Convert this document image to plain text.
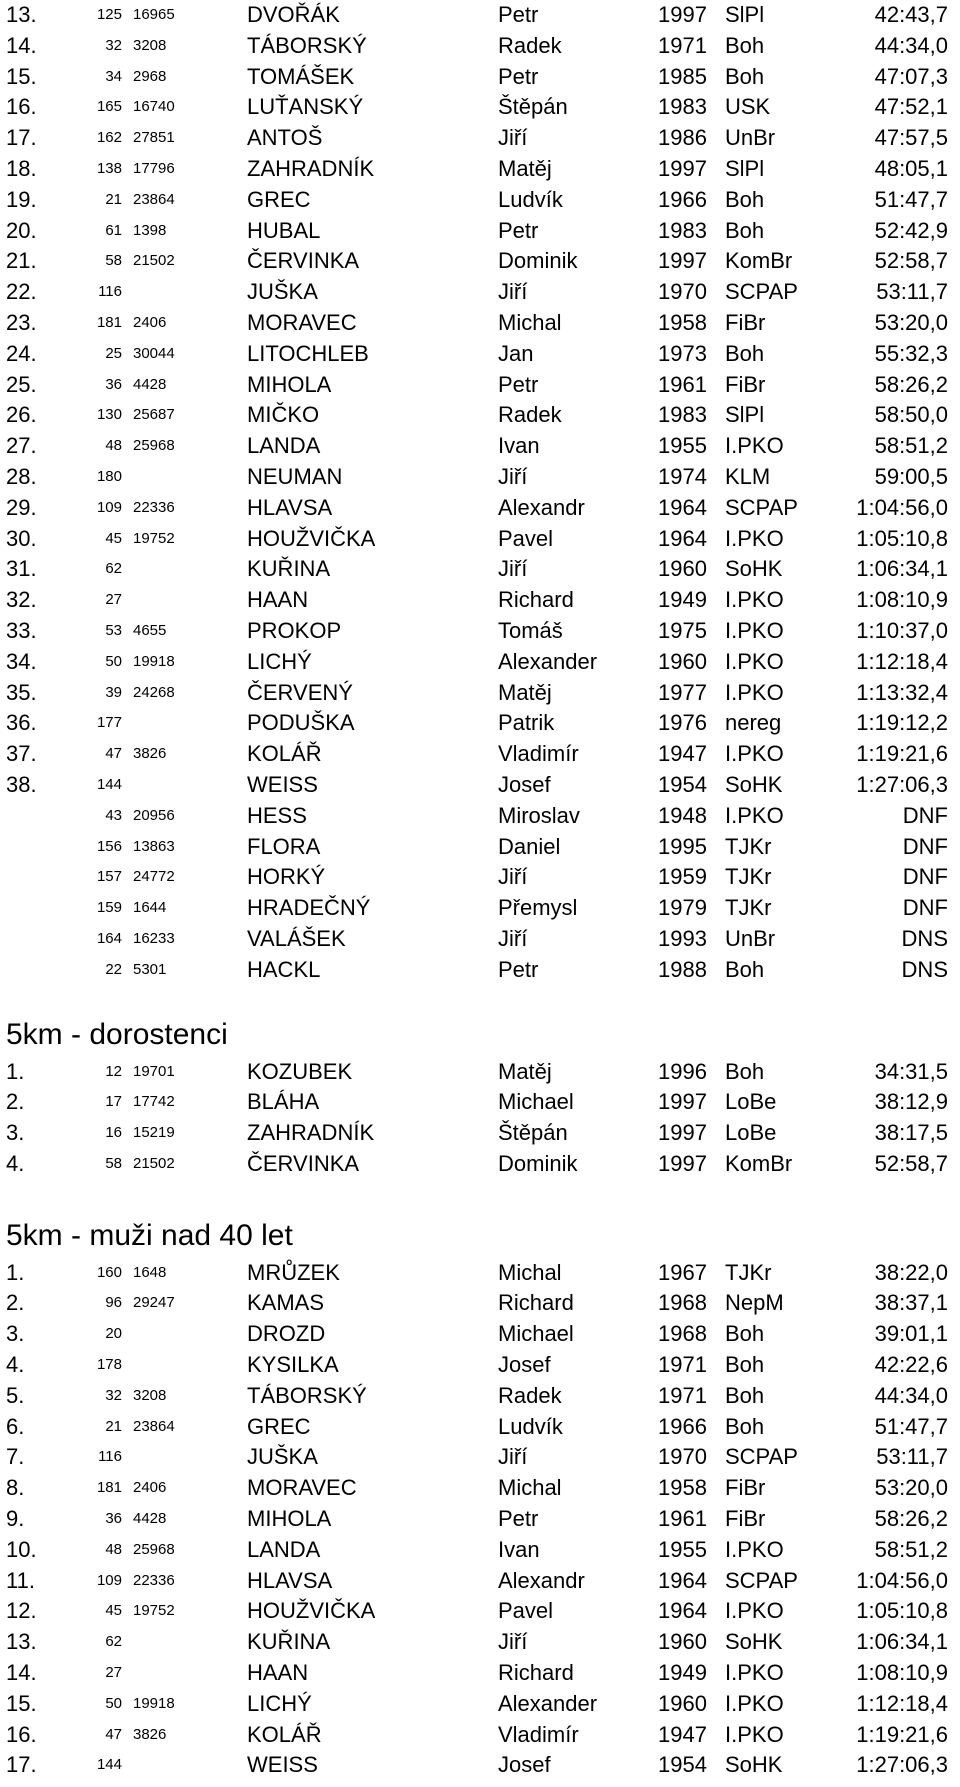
13.	125 16965	DVOŘÁK	Petr	1997 SlPl	42:43,7
14.	32 3208	TÁBORSKÝ	Radek	1971 Boh	44:34,0
15.	34 2968	TOMÁŠEK	Petr	1985 Boh	47:07,3
16.	165 16740	LUŤANSKÝ	Štěpán	1983 USK	47:52,1
17.	162 27851	ANTOŠ	Jiří	1986 UnBr	47:57,5
18.	138 17796	ZAHRADNÍK	Matěj	1997 SlPl	48:05,1
19.	21 23864	GREC	Ludvík	1966 Boh	51:47,7
20.	61 1398	HUBAL	Petr	1983 Boh	52:42,9
21.	58 21502	ČERVINKA	Dominik	1997 KomBr	52:58,7
22.	116	JUŠKA	Jiří	1970 SCPAP	53:11,7
23.	181 2406	MORAVEC	Michal	1958 FiBr	53:20,0
24.	25 30044	LITOCHLEB	Jan	1973 Boh	55:32,3
25.	36 4428	MIHOLA	Petr	1961 FiBr	58:26,2
26.	130 25687	MIČKO	Radek	1983 SlPl	58:50,0
27.	48 25968	LANDA	Ivan	1955 I.PKO	58:51,2
28.	180	NEUMAN	Jiří	1974 KLM	59:00,5
29.	109 22336	HLAVSA	Alexandr	1964 SCPAP	1:04:56,0
30.	45 19752	HOUŽVIČKA	Pavel	1964 I.PKO	1:05:10,8
31.	62	KUŘINA	Jiří	1960 SoHK	1:06:34,1
32.	27	HAAN	Richard	1949 I.PKO	1:08:10,9
33.	53 4655	PROKOP	Tomáš	1975 I.PKO	1:10:37,0
34.	50 19918	LICHÝ	Alexander	1960 I.PKO	1:12:18,4
35.	39 24268	ČERVENÝ	Matěj	1977 I.PKO	1:13:32,4
36.	177	PODUŠKA	Patrik	1976 nereg	1:19:12,2
37.	47 3826	KOLÁŘ	Vladimír	1947 I.PKO	1:19:21,6
38.	144	WEISS	Josef	1954 SoHK	1:27:06,3
43 20956	HESS	Miroslav	1948 I.PKO	DNF
156 13863	FLORA	Daniel	1995 TJKr	DNF
157 24772	HORKÝ	Jiří	1959 TJKr	DNF
159 1644	HRADEČNÝ	Přemysl	1979 TJKr	DNF
164 16233	VALÁŠEK	Jiří	1993 UnBr	DNS
22 5301	HACKL	Petr	1988 Boh	DNS
5km - dorostenci
1.	12 19701	KOZUBEK	Matěj	1996 Boh	34:31,5
2.	17 17742	BLÁHA	Michael	1997 LoBe	38:12,9
3.	16 15219	ZAHRADNÍK	Štěpán	1997 LoBe	38:17,5
4.	58 21502	ČERVINKA	Dominik	1997 KomBr	52:58,7
5km - muži nad 40 let
1.	160 1648	MRŮZEK	Michal	1967 TJKr	38:22,0
2.	96 29247	KAMAS	Richard	1968 NepM	38:37,1
3.	20	DROZD	Michael	1968 Boh	39:01,1
4.	178	KYSILKA	Josef	1971 Boh	42:22,6
5.	32 3208	TÁBORSKÝ	Radek	1971 Boh	44:34,0
6.	21 23864	GREC	Ludvík	1966 Boh	51:47,7
7.	116	JUŠKA	Jiří	1970 SCPAP	53:11,7
8.	181 2406	MORAVEC	Michal	1958 FiBr	53:20,0
9.	36 4428	MIHOLA	Petr	1961 FiBr	58:26,2
10.	48 25968	LANDA	Ivan	1955 I.PKO	58:51,2
11.	109 22336	HLAVSA	Alexandr	1964 SCPAP	1:04:56,0
12.	45 19752	HOUŽVIČKA	Pavel	1964 I.PKO	1:05:10,8
13.	62	KUŘINA	Jiří	1960 SoHK	1:06:34,1
14.	27	HAAN	Richard	1949 I.PKO	1:08:10,9
15.	50 19918	LICHÝ	Alexander	1960 I.PKO	1:12:18,4
16.	47 3826	KOLÁŘ	Vladimír	1947 I.PKO	1:19:21,6
17.	144	WEISS	Josef	1954 SoHK	1:27:06,3
